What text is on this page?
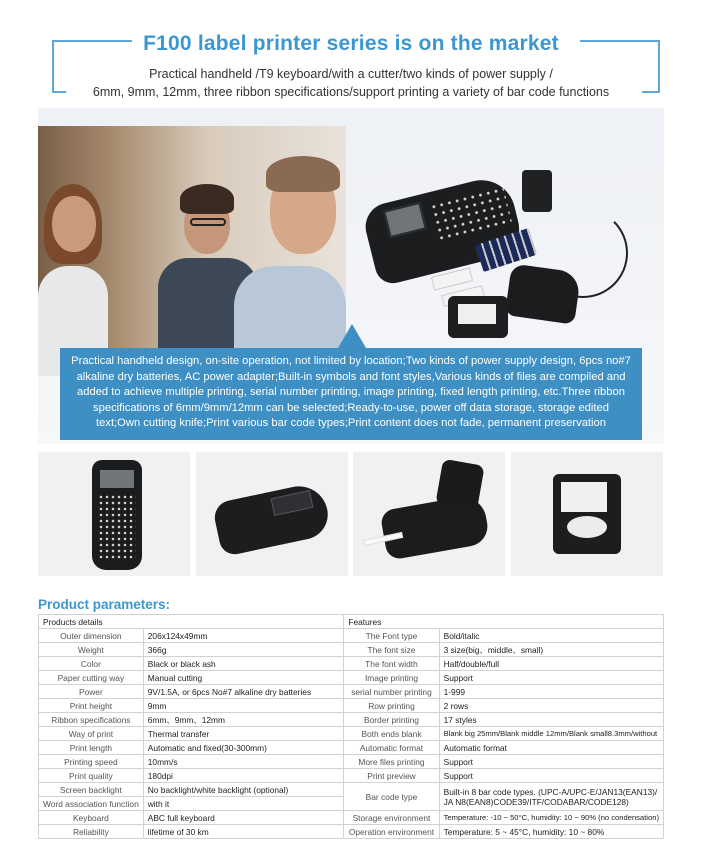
F100 label printer series is on the market
Practical handheld /T9 keyboard/with a cutter/two kinds of power supply /
6mm, 9mm, 12mm, three ribbon specifications/support printing a variety of bar code functions
Practical handheld design, on-site operation, not limited by location;Two kinds of power supply design, 6pcs no#7 alkaline dry batteries, AC power adapter;Built-in symbols and font styles,Various kinds of files are compiled and added to achieve multiple printing, serial number printing, image printing, fixed length printing, etc.Three ribbon specifications of 6mm/9mm/12mm can be selected;Ready-to-use, power off data storage, storage edited text;Own cutting knife;Print various bar code types;Print content does not fade, permanent preservation
Product parameters:
Products details		Features	
Outer dimension	206x124x49mm	The Font type	Bold/italic
Weight	366g	The font size	3 size(big、middle、small)
Color	Black or black ash	The font width	Half/double/full
Paper cutting way	Manual cutting	Image printing	Support
Power	9V/1.5A, or 6pcs No#7 alkaline dry batteries	serial number printing	1-999
Print height	9mm	Row printing	2 rows
Ribbon specifications	6mm、9mm、12mm	Border printing	17 styles
Way of print	Thermal transfer	Both ends blank	Blank big 25mm/Blank middle 12mm/Blank small8.3mm/without
Print length	Automatic and fixed(30-300mm)	Automatic format	Automatic format
Printing speed	10mm/s	More files printing	Support
Print quality	180dpi	Print preview	Support
Screen backlight	No backlight/white backlight (optional)	Bar code type	Built-in 8 bar code types. (UPC-A/UPC-E/JAN13(EAN13)/ JA N8(EAN8)CODE39/ITF/CODABAR/CODE128)
Word association function	with it		
Keyboard	ABC full keyboard	Storage environment	Temperature: -10 ~ 50°C, humidity: 10 ~ 90% (no condensation)
Reliability	lifetime of 30 km	Operation environment	Temperature: 5 ~ 45°C, humidity: 10 ~ 80%
